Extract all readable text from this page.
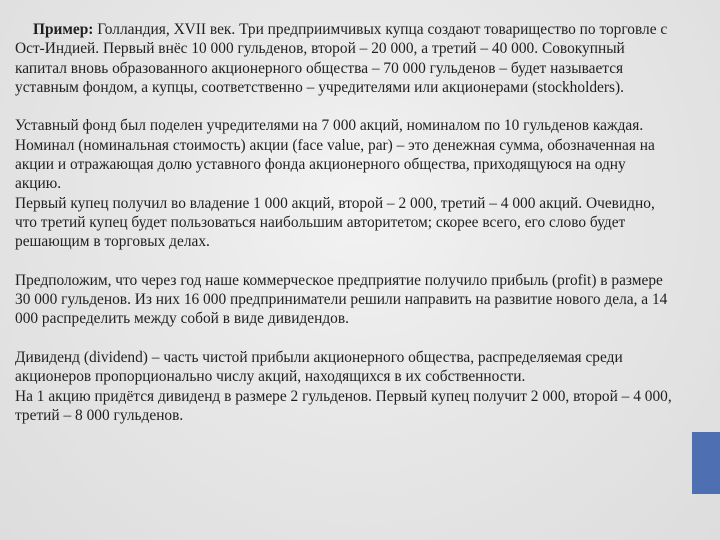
Пример: Голландия, XVII век. Три предприимчивых купца создают товарищество по торговле с Ост-Индией. Первый внёс 10 000 гульденов, второй – 20 000, а третий – 40 000. Совокупный капитал вновь образованного акционерного общества – 70 000 гульденов – будет называется уставным фондом, а купцы, соответственно – учредителями или акционерами (stockholders).

Уставный фонд был поделен учредителями на 7 000 акций, номиналом по 10 гульденов каждая.

Номинал (номинальная стоимость) акции (face value, par) – это денежная сумма, обозначенная на акции и отражающая долю уставного фонда акционерного общества, приходящуюся на одну акцию.

Первый купец получил во владение 1 000 акций, второй – 2 000, третий – 4 000 акций. Очевидно, что третий купец будет пользоваться наибольшим авторитетом; скорее всего, его слово будет решающим в торговых делах.

Предположим, что через год наше коммерческое предприятие получило прибыль (profit) в размере 30 000 гульденов. Из них 16 000 предприниматели решили направить на развитие нового дела, а 14 000 распределить между собой в виде дивидендов.

Дивиденд (dividend) – часть чистой прибыли акционерного общества, распределяемая среди акционеров пропорционально числу акций, находящихся в их собственности.

На 1 акцию придётся дивиденд в размере 2 гульденов. Первый купец получит 2 000, второй – 4 000, третий – 8 000 гульденов.
